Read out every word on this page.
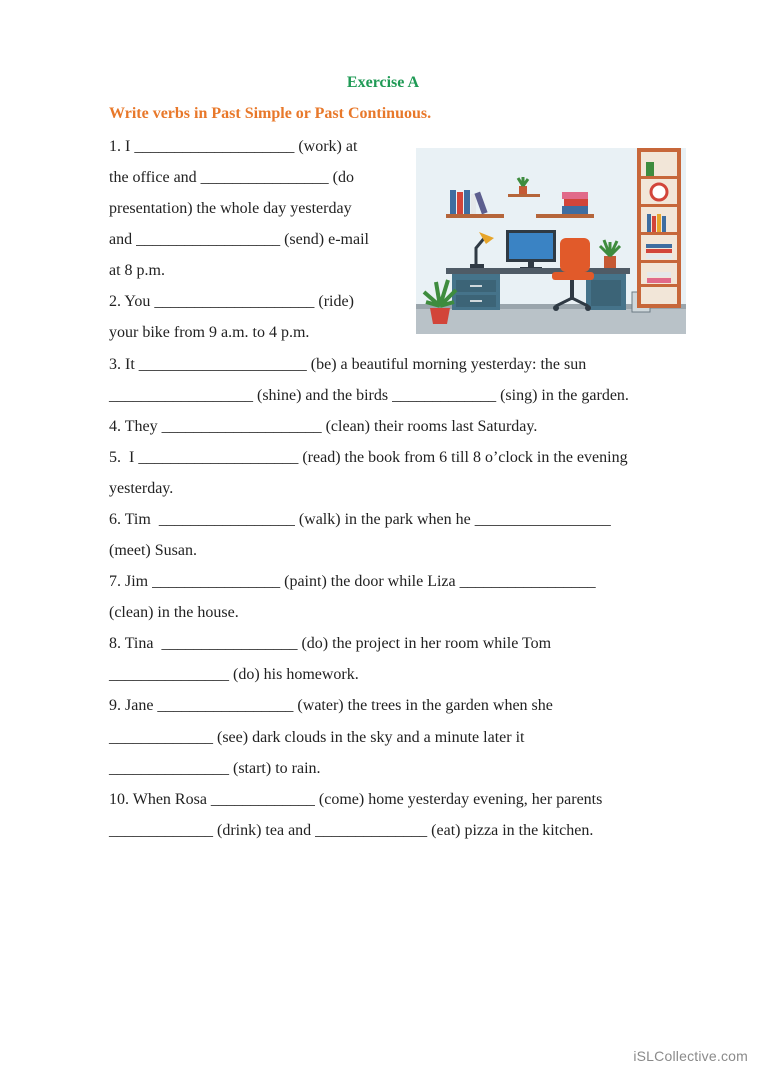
Exercise A
Write verbs in Past Simple or Past Continuous.
1. I ____________________ (work) at
the office and ________________ (do
presentation) the whole day yesterday
and __________________ (send) e-mail
at 8 p.m.
2. You ____________________ (ride)
your bike from 9 a.m. to 4 p.m.
3. It _____________________ (be) a beautiful morning yesterday: the sun
__________________ (shine) and the birds _____________ (sing) in the garden.
4. They ____________________ (clean) their rooms last Saturday.
5.  I ____________________ (read) the book from 6 till 8 o’clock in the evening
yesterday.
6. Tim  _________________ (walk) in the park when he _________________
(meet) Susan.
7. Jim ________________ (paint) the door while Liza _________________
(clean) in the house.
8. Tina  _________________ (do) the project in her room while Tom
_______________ (do) his homework.
9. Jane _________________ (water) the trees in the garden when she
_____________ (see) dark clouds in the sky and a minute later it
_______________ (start) to rain.
10. When Rosa _____________ (come) home yesterday evening, her parents
_____________ (drink) tea and ______________ (eat) pizza in the kitchen.
iSLCollective.com
